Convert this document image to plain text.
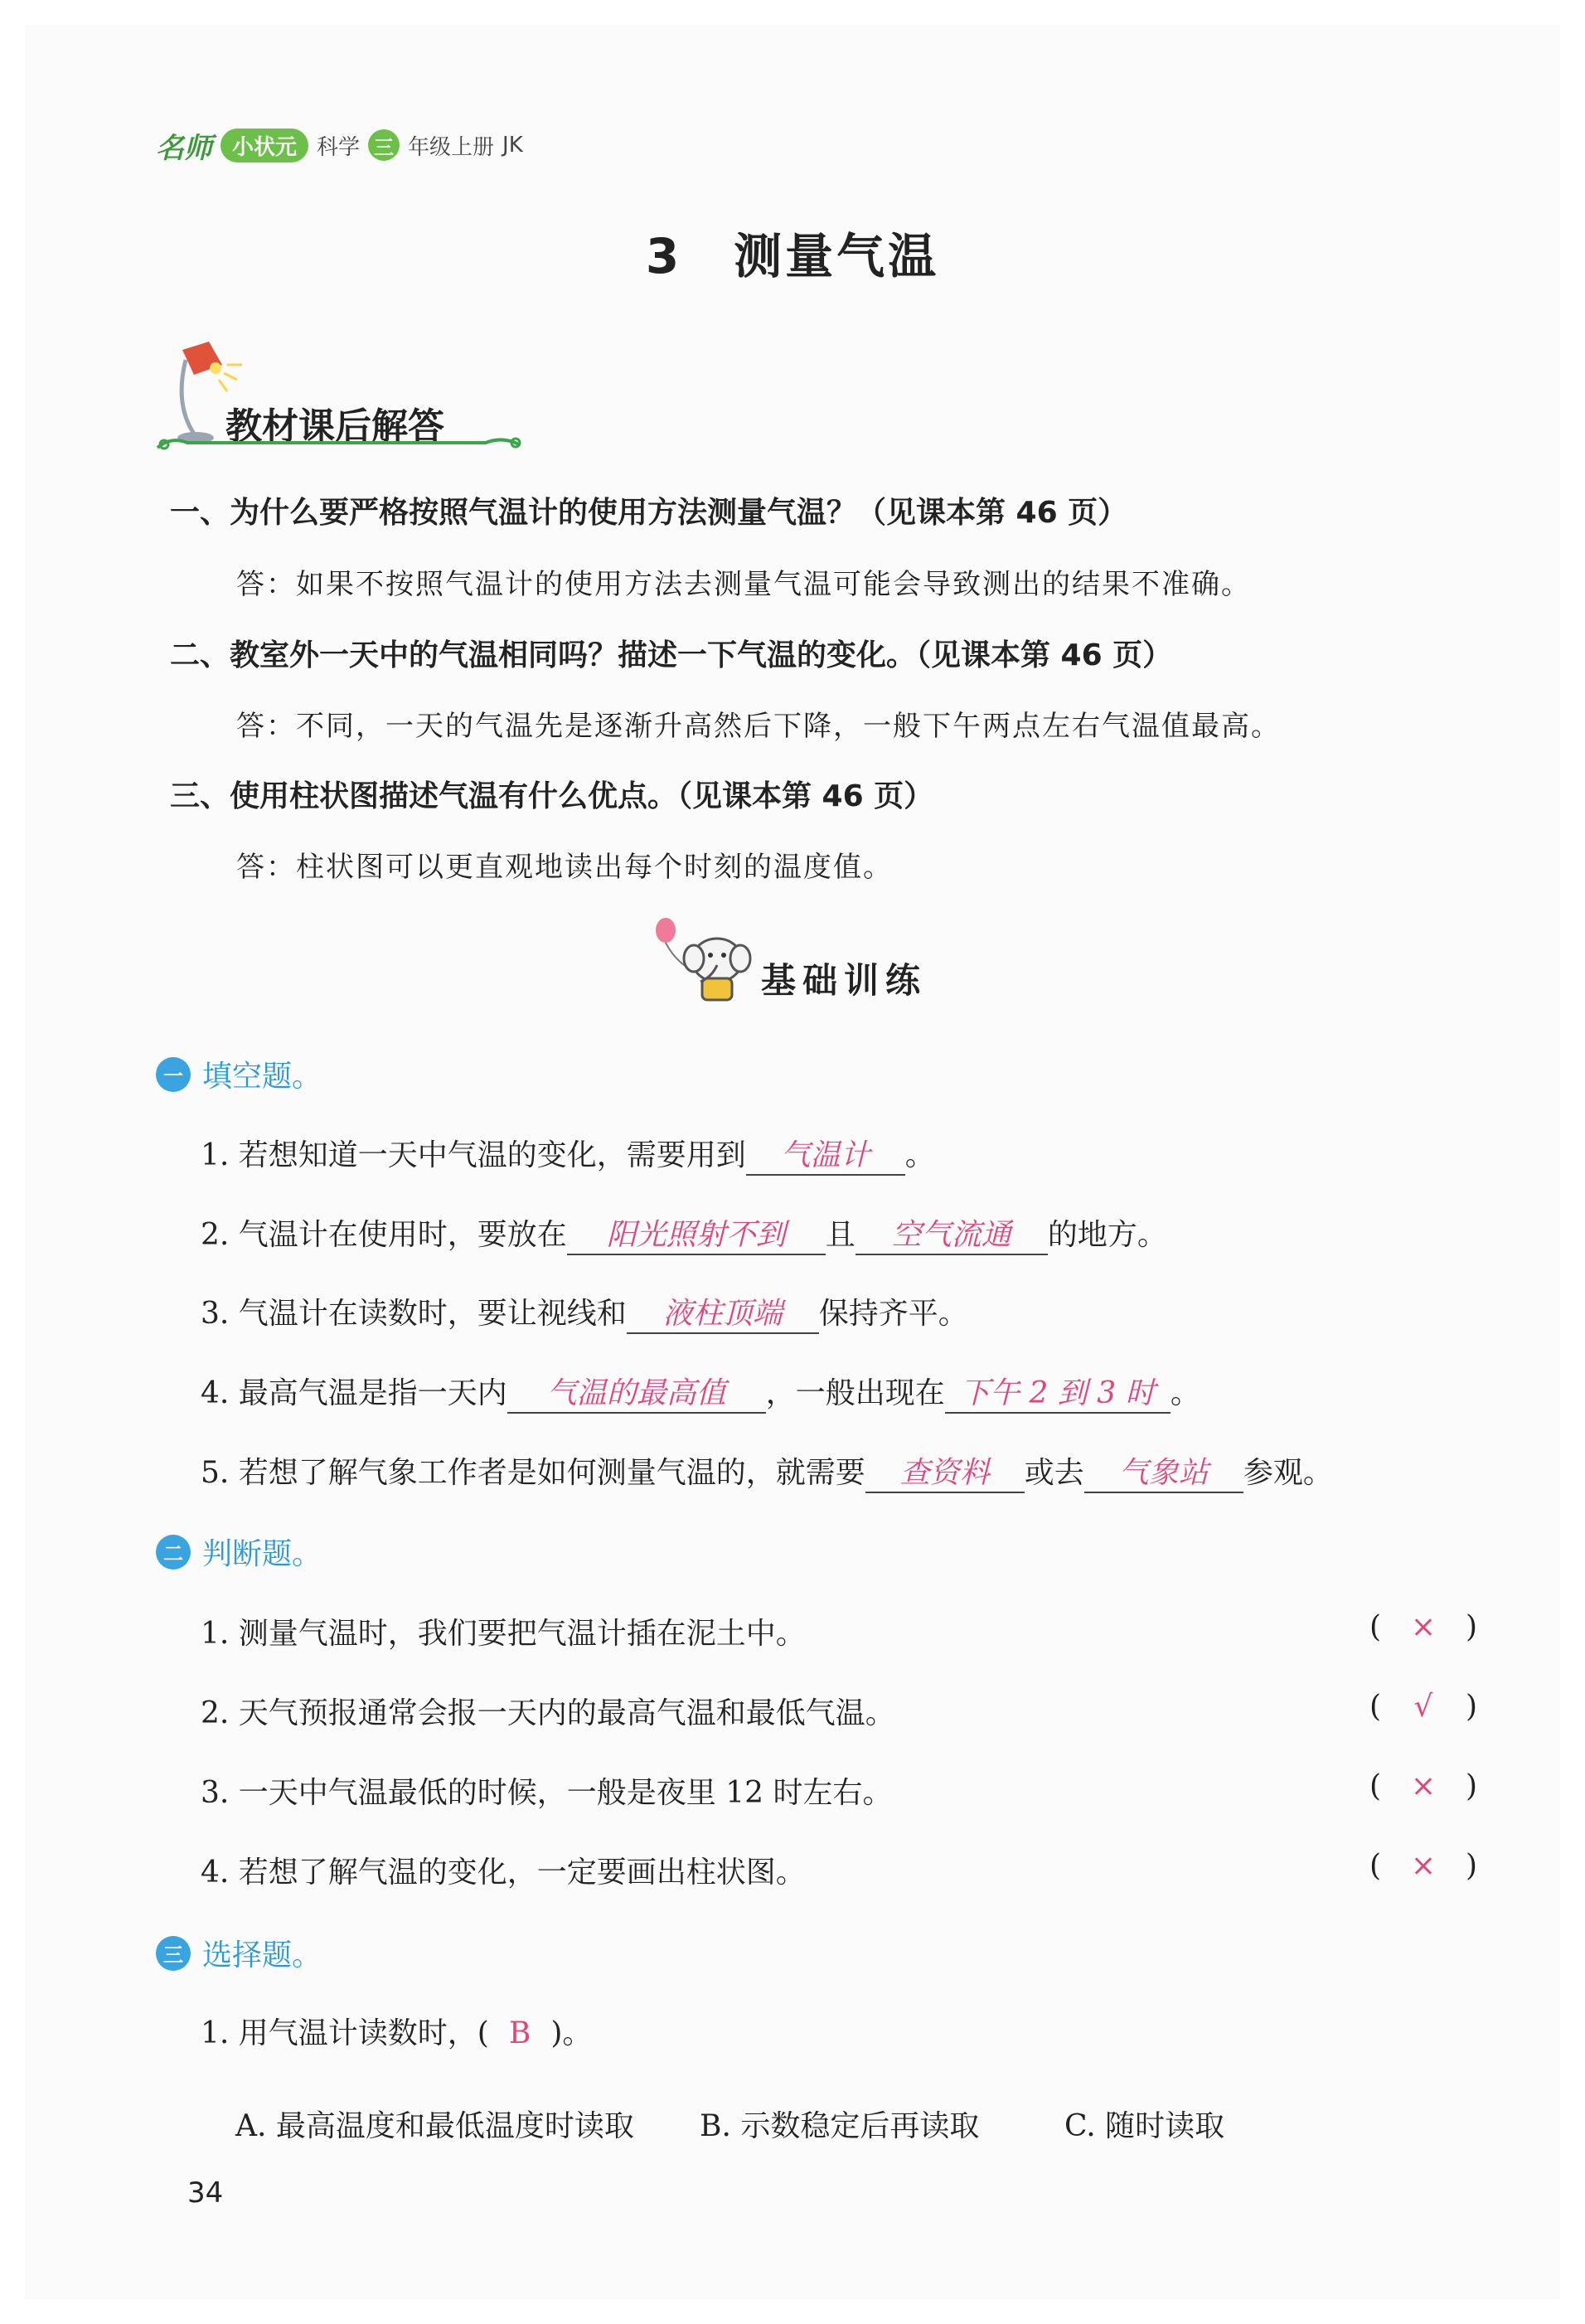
名师 小状元 科学 三 年级上册 JK
3　测量气温
教材课后解答
一、为什么要严格按照气温计的使用方法测量气温？（见课本第 46 页）
答：如果不按照气温计的使用方法去测量气温可能会导致测出的结果不准确。
二、教室外一天中的气温相同吗？描述一下气温的变化。（见课本第 46 页）
答：不同，一天的气温先是逐渐升高然后下降，一般下午两点左右气温值最高。
三、使用柱状图描述气温有什么优点。（见课本第 46 页）
答：柱状图可以更直观地读出每个时刻的温度值。
基础训练
一 填空题。
1. 若想知道一天中气温的变化，需要用到 气温计 。
2. 气温计在使用时，要放在 阳光照射不到 且 空气流通 的地方。
3. 气温计在读数时，要让视线和 液柱顶端 保持齐平。
4. 最高气温是指一天内 气温的最高值 ，一般出现在 下午 2 到 3 时 。
5. 若想了解气象工作者是如何测量气温的，就需要 查资料 或去 气象站 参观。
二 判断题。
1. 测量气温时，我们要把气温计插在泥土中。	( × )
2. 天气预报通常会报一天内的最高气温和最低气温。	( √ )
3. 一天中气温最低的时候，一般是夜里 12 时左右。	( × )
4. 若想了解气温的变化，一定要画出柱状图。	( × )
三 选择题。
1. 用气温计读数时，( B )。
A. 最高温度和最低温度时读取 B. 示数稳定后再读取	C. 随时读取
34
